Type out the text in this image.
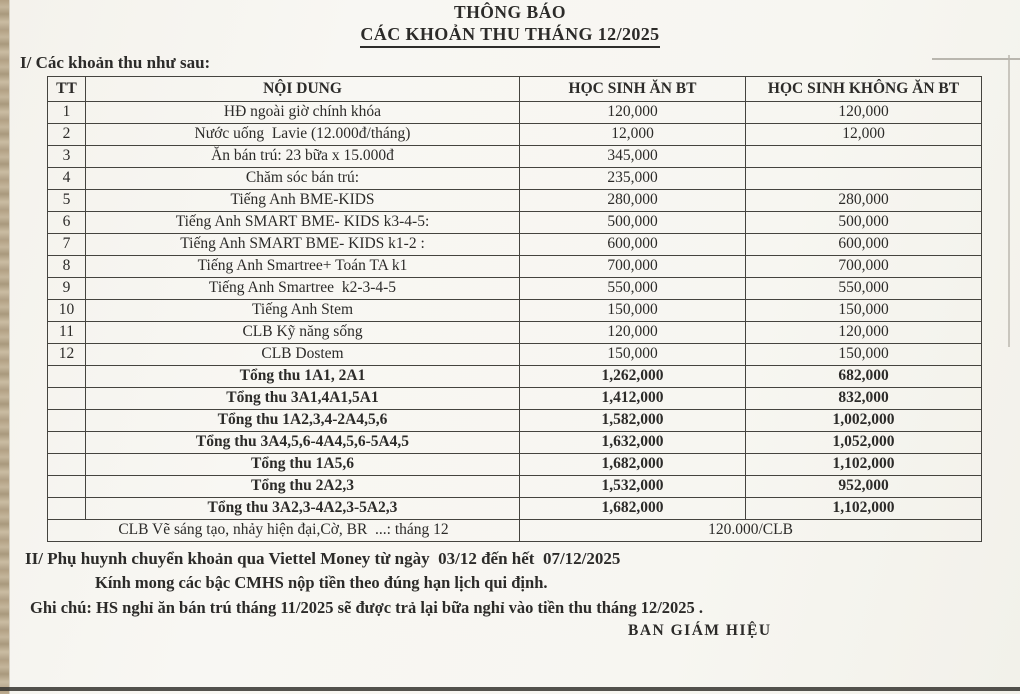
THÔNG BÁO
CÁC KHOẢN THU THÁNG 12/2025
I/ Các khoản thu như sau:
TT	NỘI DUNG	HỌC SINH ĂN BT	HỌC SINH KHÔNG ĂN BT
1	HĐ ngoài giờ chính khóa	120,000	120,000
2	Nước uống  Lavie (12.000đ/tháng)	12,000	12,000
3	Ăn bán trú: 23 bữa x 15.000đ	345,000	
4	Chăm sóc bán trú:	235,000	
5	Tiếng Anh BME-KIDS	280,000	280,000
6	Tiếng Anh SMART BME- KIDS k3-4-5:	500,000	500,000
7	Tiếng Anh SMART BME- KIDS k1-2 :	600,000	600,000
8	Tiếng Anh Smartree+ Toán TA k1	700,000	700,000
9	Tiếng Anh Smartree  k2-3-4-5	550,000	550,000
10	Tiếng Anh Stem	150,000	150,000
11	CLB Kỹ năng sống	120,000	120,000
12	CLB Dostem	150,000	150,000
	Tổng thu 1A1, 2A1	1,262,000	682,000
	Tổng thu 3A1,4A1,5A1	1,412,000	832,000
	Tổng thu 1A2,3,4-2A4,5,6	1,582,000	1,002,000
	Tổng thu 3A4,5,6-4A4,5,6-5A4,5	1,632,000	1,052,000
	Tổng thu 1A5,6	1,682,000	1,102,000
	Tổng thu 2A2,3	1,532,000	952,000
	Tổng thu 3A2,3-4A2,3-5A2,3	1,682,000	1,102,000
CLB Vẽ sáng tạo, nhảy hiện đại,Cờ, BR  ...: tháng 12		120.000/CLB	
II/ Phụ huynh chuyển khoản qua Viettel Money từ ngày  03/12 đến hết  07/12/2025
Kính mong các bậc CMHS nộp tiền theo đúng hạn lịch qui định.
Ghi chú: HS nghỉ ăn bán trú tháng 11/2025 sẽ được trả lại bữa nghỉ vào tiền thu tháng 12/2025 .
BAN GIÁM HIỆU
